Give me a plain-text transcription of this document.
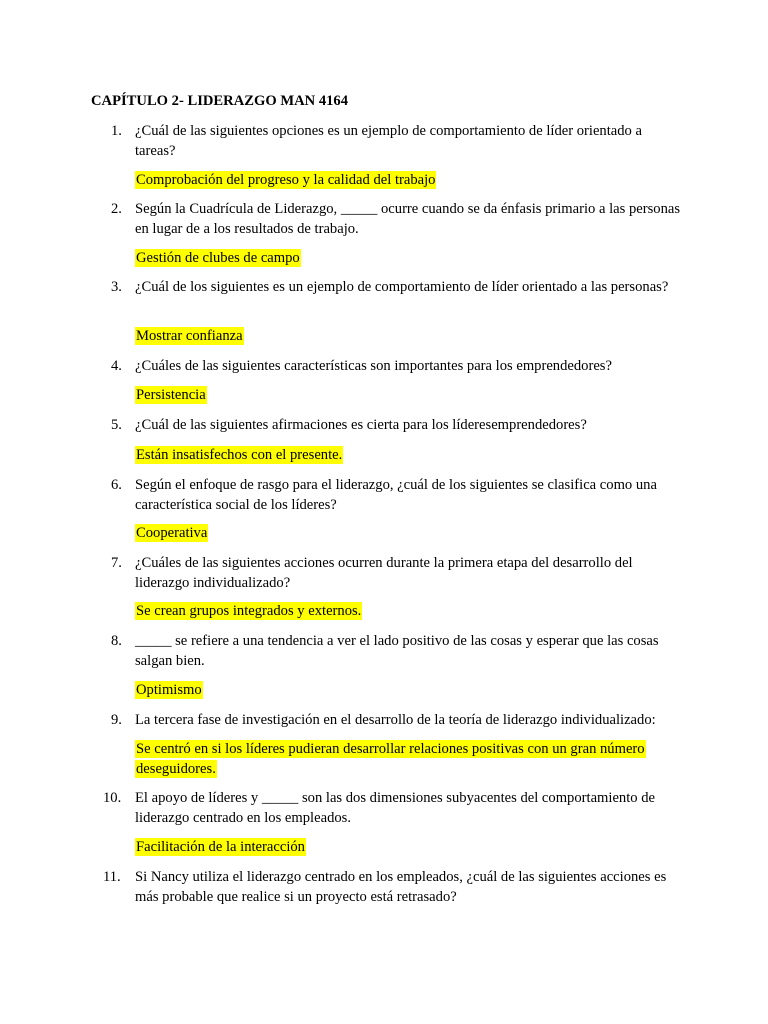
CAPÍTULO 2- LIDERAZGO MAN 4164
1. ¿Cuál de las siguientes opciones es un ejemplo de comportamiento de líder orientado a tareas?
Comprobación del progreso y la calidad del trabajo
2. Según la Cuadrícula de Liderazgo, _____ ocurre cuando se da énfasis primario a las personas en lugar de a los resultados de trabajo.
Gestión de clubes de campo
3. ¿Cuál de los siguientes es un ejemplo de comportamiento de líder orientado a las personas?
Mostrar confianza
4. ¿Cuáles de las siguientes características son importantes para los emprendedores?
Persistencia
5. ¿Cuál de las siguientes afirmaciones es cierta para los líderesemprendedores?
Están insatisfechos con el presente.
6. Según el enfoque de rasgo para el liderazgo, ¿cuál de los siguientes se clasifica como una característica social de los líderes?
Cooperativa
7. ¿Cuáles de las siguientes acciones ocurren durante la primera etapa del desarrollo del liderazgo individualizado?
Se crean grupos integrados y externos.
8. _____ se refiere a una tendencia a ver el lado positivo de las cosas y esperar que las cosas salgan bien.
Optimismo
9. La tercera fase de investigación en el desarrollo de la teoría de liderazgo individualizado:
Se centró en si los líderes pudieran desarrollar relaciones positivas con un gran número deseguidores.
10. El apoyo de líderes y _____ son las dos dimensiones subyacentes del comportamiento de liderazgo centrado en los empleados.
Facilitación de la interacción
11. Si Nancy utiliza el liderazgo centrado en los empleados, ¿cuál de las siguientes acciones es más probable que realice si un proyecto está retrasado?
